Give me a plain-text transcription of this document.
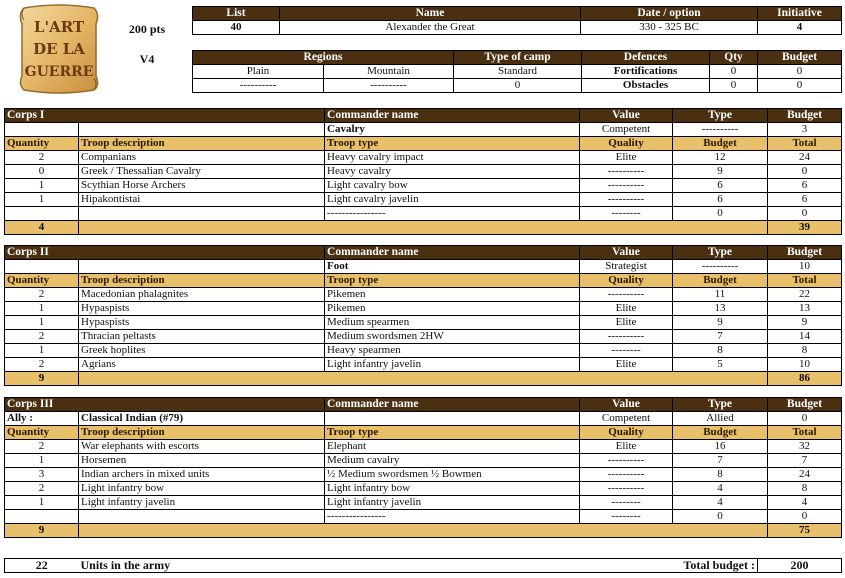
L'ART
DE LA
GUERRE
200 pts
V4
List	Name	Date / option	Initiative
40	Alexander the Great	330 - 325 BC	4
Regions		Type of camp	Defences	Qty	Budget
Plain	Mountain	Standard	Fortifications	0	0
----------	----------	0	Obstacles	0	0
Corps I		Commander name	Value	Type	Budget
		Cavalry	Competent	----------	3
Quantity	Troop description	Troop type	Quality	Budget	Total
2	Companians	Heavy cavalry impact	Elite	12	24
0	Greek / Thessalian Cavalry	Heavy cavalry	----------	9	0
1	Scythian Horse Archers	Light cavalry bow	----------	6	6
1	Hipakontistai	Light cavalry javelin	----------	6	6
		----------------	--------	0	0
4					39
Corps II		Commander name	Value	Type	Budget
		Foot	Strategist	----------	10
Quantity	Troop description	Troop type	Quality	Budget	Total
2	Macedonian phalagnites	Pikemen	----------	11	22
1	Hypaspists	Pikemen	Elite	13	13
1	Hypaspists	Medium spearmen	Elite	9	9
2	Thracian peltasts	Medium swordsmen 2HW	----------	7	14
1	Greek hoplites	Heavy spearmen	--------	8	8
2	Agrians	Light infantry javelin	Elite	5	10
9					86
Corps III		Commander name	Value	Type	Budget
Ally :	Classical Indian (#79)		Competent	Allied	0
Quantity	Troop description	Troop type	Quality	Budget	Total
2	War elephants with escorts	Elephant	Elite	16	32
1	Horsemen	Medium cavalry	----------	7	7
3	Indian archers in mixed units	½ Medium swordsmen ½ Bowmen	----------	8	24
2	Light infantry bow	Light infantry bow	----------	4	8
1	Light infantry javelin	Light infantry javelin	--------	4	4
		----------------	--------	0	0
9					75
22	Units in the army		Total budget :	200
